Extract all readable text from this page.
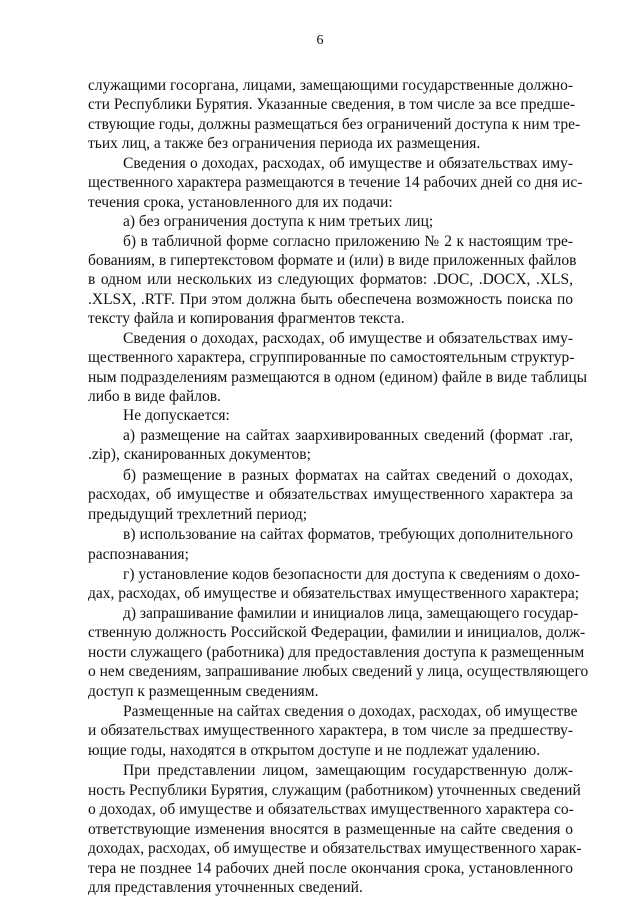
6
служащими госоргана, лицами, замещающими государственные должно-
сти Республики Бурятия. Указанные сведения, в том числе за все предше-
ствующие годы, должны размещаться без ограничений доступа к ним тре-
тьих лиц, а также без ограничения периода их размещения.
Сведения о доходах, расходах, об имуществе и обязательствах иму-
щественного характера размещаются в течение 14 рабочих дней со дня ис-
течения срока, установленного для их подачи:
а) без ограничения доступа к ним третьих лиц;
б) в табличной форме согласно приложению № 2 к настоящим тре-
бованиям, в гипертекстовом формате и (или) в виде приложенных файлов
в одном или нескольких из следующих форматов: .DOC, .DOCX, .XLS,
.XLSX, .RTF. При этом должна быть обеспечена возможность поиска по
тексту файла и копирования фрагментов текста.
Сведения о доходах, расходах, об имуществе и обязательствах иму-
щественного характера, сгруппированные по самостоятельным структур-
ным подразделениям размещаются в одном (едином) файле в виде таблицы
либо в виде файлов.
Не допускается:
а) размещение на сайтах заархивированных сведений (формат .rar,
.zip), сканированных документов;
б) размещение в разных форматах на сайтах сведений о доходах,
расходах, об имуществе и обязательствах имущественного характера за
предыдущий трехлетний период;
в) использование на сайтах форматов, требующих дополнительного
распознавания;
г) установление кодов безопасности для доступа к сведениям о дохо-
дах, расходах, об имуществе и обязательствах имущественного характера;
д) запрашивание фамилии и инициалов лица, замещающего государ-
ственную должность Российской Федерации, фамилии и инициалов, долж-
ности служащего (работника) для предоставления доступа к размещенным
о нем сведениям, запрашивание любых сведений у лица, осуществляющего
доступ к размещенным сведениям.
Размещенные на сайтах сведения о доходах, расходах, об имуществе
и обязательствах имущественного характера, в том числе за предшеству-
ющие годы, находятся в открытом доступе и не подлежат удалению.
При представлении лицом, замещающим государственную долж-
ность Республики Бурятия, служащим (работником) уточненных сведений
о доходах, об имуществе и обязательствах имущественного характера со-
ответствующие изменения вносятся в размещенные на сайте сведения о
доходах, расходах, об имуществе и обязательствах имущественного харак-
тера не позднее 14 рабочих дней после окончания срока, установленного
для представления уточненных сведений.
